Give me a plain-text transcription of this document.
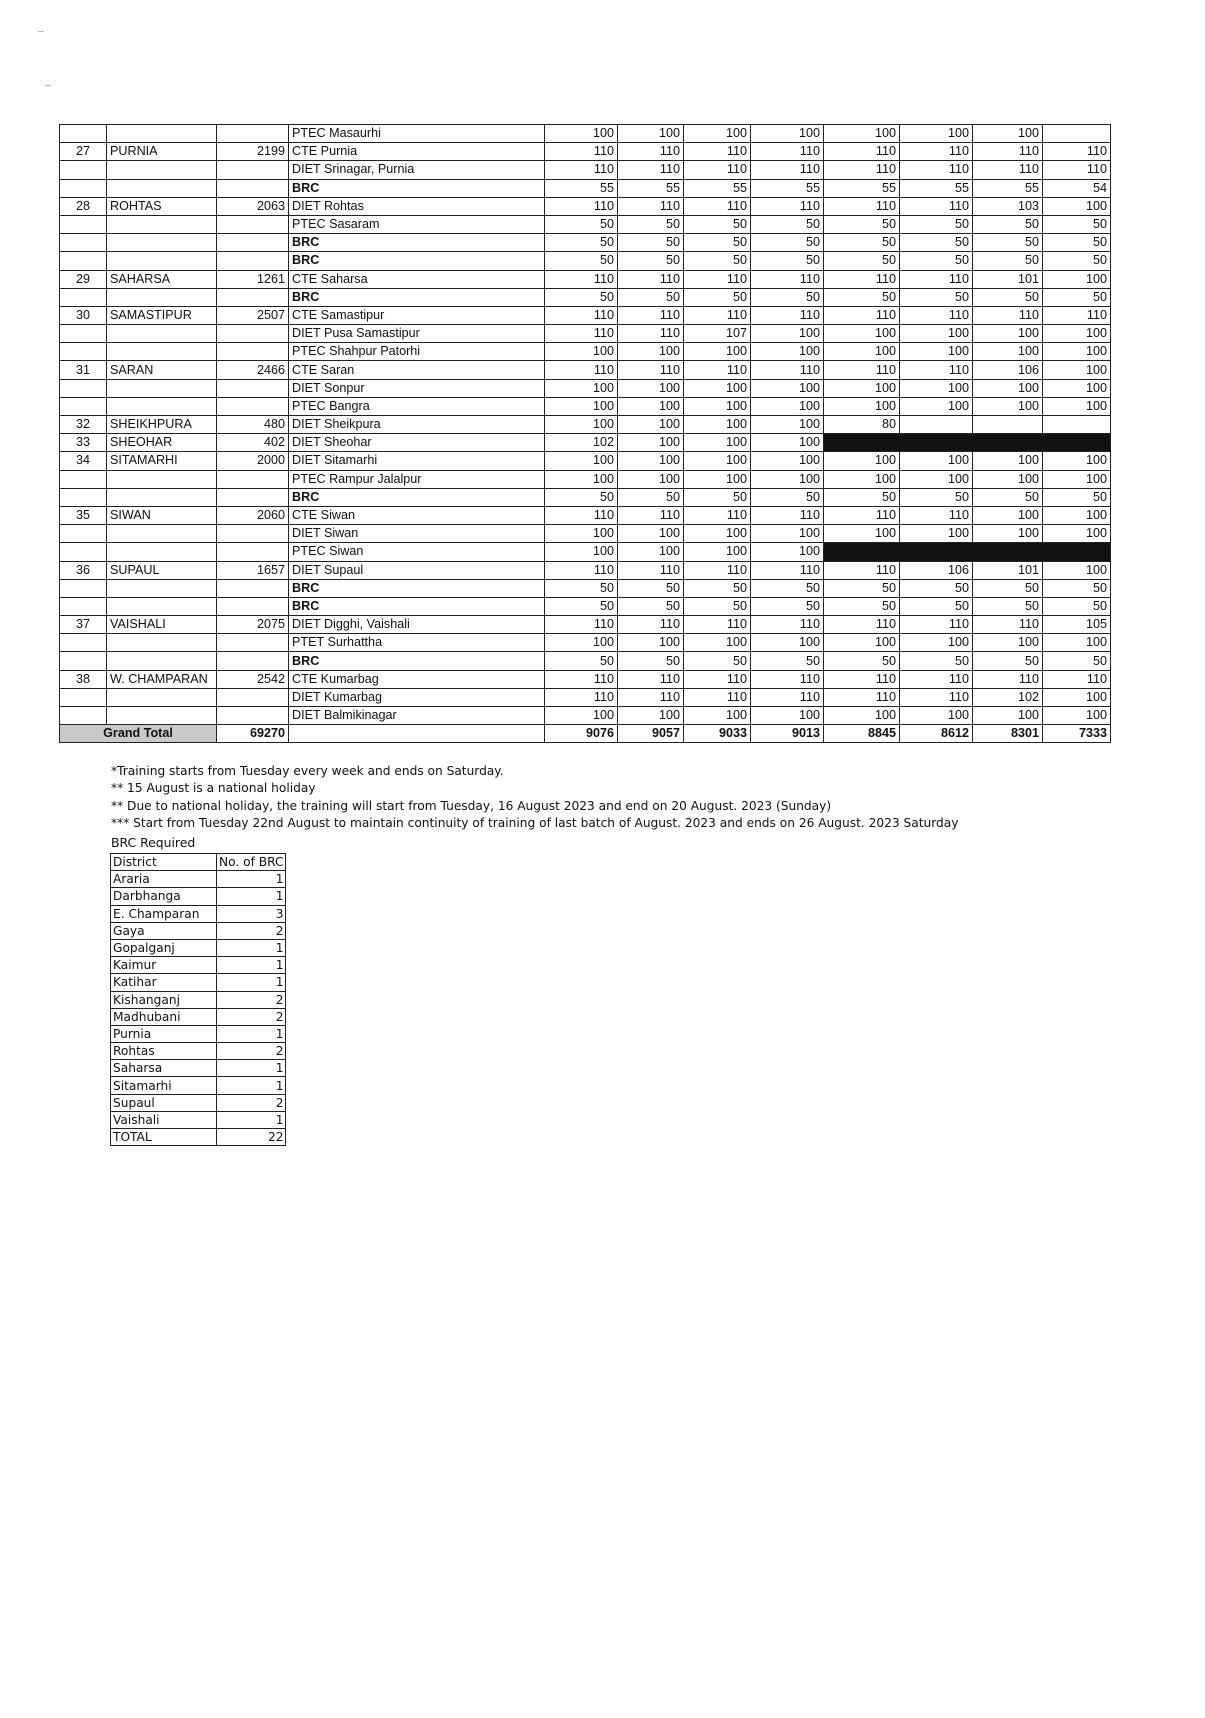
			PTEC Masaurhi	100	100	100	100	100	100	100	
27	PURNIA	2199	CTE Purnia	110	110	110	110	110	110	110	110
			DIET Srinagar, Purnia	110	110	110	110	110	110	110	110
			BRC	55	55	55	55	55	55	55	54
28	ROHTAS	2063	DIET Rohtas	110	110	110	110	110	110	103	100
			PTEC Sasaram	50	50	50	50	50	50	50	50
			BRC	50	50	50	50	50	50	50	50
			BRC	50	50	50	50	50	50	50	50
29	SAHARSA	1261	CTE Saharsa	110	110	110	110	110	110	101	100
			BRC	50	50	50	50	50	50	50	50
30	SAMASTIPUR	2507	CTE Samastipur	110	110	110	110	110	110	110	110
			DIET Pusa Samastipur	110	110	107	100	100	100	100	100
			PTEC Shahpur Patorhi	100	100	100	100	100	100	100	100
31	SARAN	2466	CTE Saran	110	110	110	110	110	110	106	100
			DIET Sonpur	100	100	100	100	100	100	100	100
			PTEC Bangra	100	100	100	100	100	100	100	100
32	SHEIKHPURA	480	DIET Sheikpura	100	100	100	100	80			
33	SHEOHAR	402	DIET Sheohar	102	100	100	100				
34	SITAMARHI	2000	DIET Sitamarhi	100	100	100	100	100	100	100	100
			PTEC Rampur Jalalpur	100	100	100	100	100	100	100	100
			BRC	50	50	50	50	50	50	50	50
35	SIWAN	2060	CTE Siwan	110	110	110	110	110	110	100	100
			DIET Siwan	100	100	100	100	100	100	100	100
			PTEC Siwan	100	100	100	100				
36	SUPAUL	1657	DIET Supaul	110	110	110	110	110	106	101	100
			BRC	50	50	50	50	50	50	50	50
			BRC	50	50	50	50	50	50	50	50
37	VAISHALI	2075	DIET Digghi, Vaishali	110	110	110	110	110	110	110	105
			PTET Surhattha	100	100	100	100	100	100	100	100
			BRC	50	50	50	50	50	50	50	50
38	W. CHAMPARAN	2542	CTE Kumarbag	110	110	110	110	110	110	110	110
			DIET Kumarbag	110	110	110	110	110	110	102	100
			DIET Balmikinagar	100	100	100	100	100	100	100	100
Grand Total		69270		9076	9057	9033	9013	8845	8612	8301	7333
*Training starts from Tuesday every week and ends on Saturday.
** 15 August is a national holiday
** Due to national holiday, the training will start from Tuesday, 16 August 2023 and end on 20 August. 2023 (Sunday)
*** Start from Tuesday 22nd August to maintain continuity of training of last batch of August. 2023 and ends on 26 August. 2023 Saturday
BRC Required
District	No. of BRC
Araria	1
Darbhanga	1
E. Champaran	3
Gaya	2
Gopalganj	1
Kaimur	1
Katihar	1
Kishanganj	2
Madhubani	2
Purnia	1
Rohtas	2
Saharsa	1
Sitamarhi	1
Supaul	2
Vaishali	1
TOTAL	22
